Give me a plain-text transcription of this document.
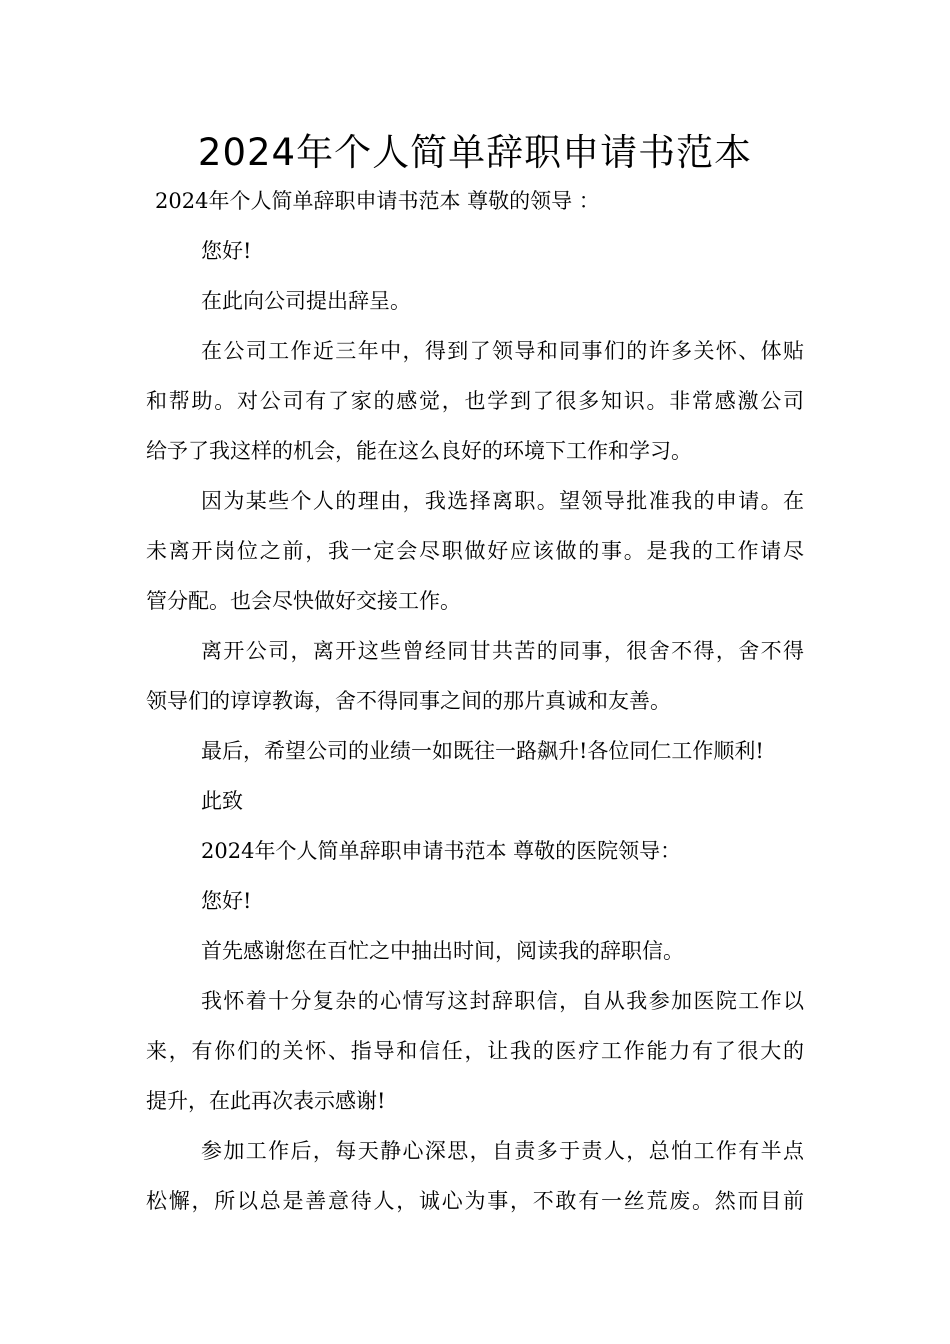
2024年个人简单辞职申请书范本
2024年个人简单辞职申请书范本 尊敬的领导 ：
您好!
在此向公司提出辞呈。
在公司工作近三年中，得到了领导和同事们的许多关怀、体贴
和帮助。对公司有了家的感觉，也学到了很多知识。非常感激公司
给予了我这样的机会，能在这么良好的环境下工作和学习。
因为某些个人的理由，我选择离职。望领导批准我的申请。在
未离开岗位之前，我一定会尽职做好应该做的事。是我的工作请尽
管分配。也会尽快做好交接工作。
离开公司，离开这些曾经同甘共苦的同事，很舍不得，舍不得
领导们的谆谆教诲，舍不得同事之间的那片真诚和友善。
最后，希望公司的业绩一如既往一路飙升!各位同仁工作顺利!
此致
2024年个人简单辞职申请书范本 尊敬的医院领导：
您好!
首先感谢您在百忙之中抽出时间，阅读我的辞职信。
我怀着十分复杂的心情写这封辞职信，自从我参加医院工作以
来，有你们的关怀、指导和信任，让我的医疗工作能力有了很大的
提升，在此再次表示感谢!
参加工作后，每天静心深思，自责多于责人，总怕工作有半点
松懈，所以总是善意待人，诚心为事，不敢有一丝荒废。然而目前
